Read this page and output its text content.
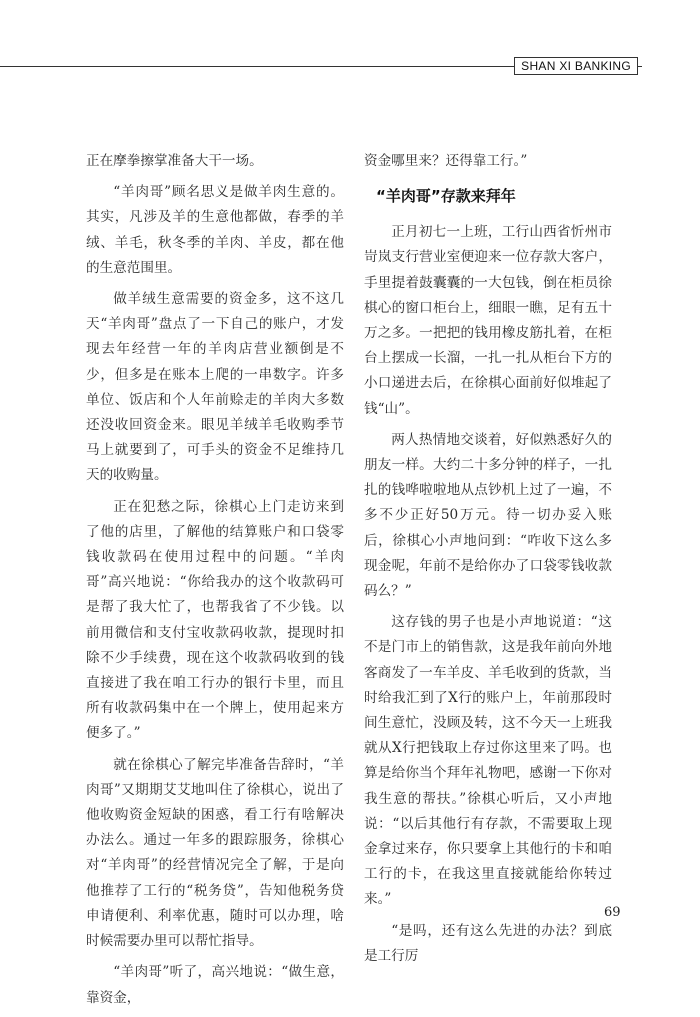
SHAN XI BANKING

正在摩拳擦掌准备大干一场。

“羊肉哥”顾名思义是做羊肉生意的。其实，凡涉及羊的生意他都做，春季的羊绒、羊毛，秋冬季的羊肉、羊皮，都在他的生意范围里。

做羊绒生意需要的资金多，这不这几天“羊肉哥”盘点了一下自己的账户，才发现去年经营一年的羊肉店营业额倒是不少，但多是在账本上爬的一串数字。许多单位、饭店和个人年前赊走的羊肉大多数还没收回资金来。眼见羊绒羊毛收购季节马上就要到了，可手头的资金不足维持几天的收购量。

正在犯愁之际，徐棋心上门走访来到了他的店里，了解他的结算账户和口袋零钱收款码在使用过程中的问题。“羊肉哥”高兴地说：“你给我办的这个收款码可是帮了我大忙了，也帮我省了不少钱。以前用微信和支付宝收款码收款，提现时扣除不少手续费，现在这个收款码收到的钱直接进了我在咱工行办的银行卡里，而且所有收款码集中在一个牌上，使用起来方便多了。”

就在徐棋心了解完毕准备告辞时，“羊肉哥”又期期艾艾地叫住了徐棋心，说出了他收购资金短缺的困惑，看工行有啥解决办法么。通过一年多的跟踪服务，徐棋心对“羊肉哥”的经营情况完全了解，于是向他推荐了工行的“税务贷”，告知他税务贷申请便利、利率优惠，随时可以办理，啥时候需要办里可以帮忙指导。

“羊肉哥”听了，高兴地说：“做生意，靠资金，

资金哪里来？还得靠工行。”

“羊肉哥”存款来拜年

正月初七一上班，工行山西省忻州市岢岚支行营业室便迎来一位存款大客户，手里提着鼓囊囊的一大包钱，倒在柜员徐棋心的窗口柜台上，细眼一瞧，足有五十万之多。一把把的钱用橡皮筋扎着，在柜台上摆成一长溜，一扎一扎从柜台下方的小口递进去后，在徐棋心面前好似堆起了钱“山”。

两人热情地交谈着，好似熟悉好久的朋友一样。大约二十多分钟的样子，一扎扎的钱哗啦啦地从点钞机上过了一遍，不多不少正好50万元。待一切办妥入账后，徐棋心小声地问到：“咋收下这么多现金呢，年前不是给你办了口袋零钱收款码么？”

这存钱的男子也是小声地说道：“这不是门市上的销售款，这是我年前向外地客商发了一车羊皮、羊毛收到的货款，当时给我汇到了X行的账户上，年前那段时间生意忙，没顾及转，这不今天一上班我就从X行把钱取上存过你这里来了吗。也算是给你当个拜年礼物吧，感谢一下你对我生意的帮扶。”徐棋心听后，又小声地说：“以后其他行有存款，不需要取上现金拿过来存，你只要拿上其他行的卡和咱工行的卡，在我这里直接就能给你转过来。”

“是吗，还有这么先进的办法？到底是工行厉

69
